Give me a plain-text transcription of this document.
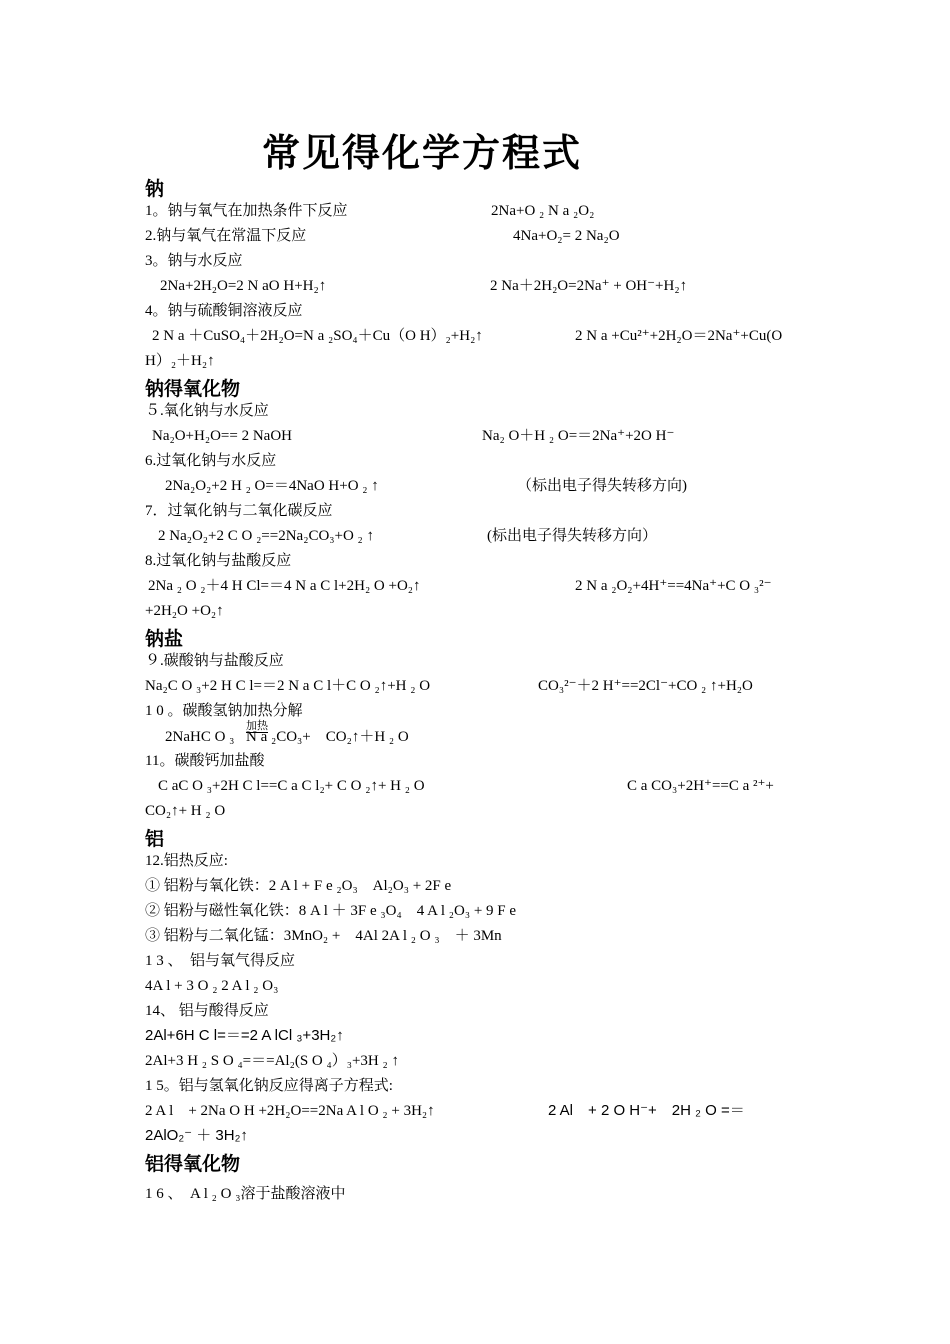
常见得化学方程式
钠
1。钠与氧气在加热条件下反应	2Na+O ₂ N a ₂O₂
2.钠与氧气在常温下反应	4Na+O₂= 2 Na₂O
3。钠与水反应
2Na+2H₂O=2 N aO H+H₂↑	2 Na＋2H₂O=2Na⁺ + OH⁻+H₂↑
4。钠与硫酸铜溶液反应
2 N a ＋CuSO₄＋2H₂O=N a ₂SO₄＋Cu（O H）₂+H₂↑	2 N a +Cu²⁺+2H₂O＝2Na⁺+Cu(O
H）₂＋H₂↑
钠得氧化物
５.氧化钠与水反应
Na₂O+H₂O== 2 NaOH	Na₂ O＋H ₂ O=＝2Na⁺+2O H⁻
6.过氧化钠与水反应
2Na₂O₂+2 H ₂ O=＝4NaO H+O ₂ ↑	（标出电子得失转移方向)
7．过氧化钠与二氧化碳反应
2 Na₂O₂+2 C O ₂==2Na₂CO₃+O ₂ ↑	(标出电子得失转移方向）
8.过氧化钠与盐酸反应
2Na ₂ O ₂＋4 H Cl=＝4 N a C l+2H₂ O +O₂↑	2 N a ₂O₂+4H⁺==4Na⁺+C O ₃²⁻
+2H₂O +O₂↑
钠盐
９.碳酸钠与盐酸反应
Na₂C O ₃+2 H C l=＝2 N a C l＋C O ₂↑+H ₂ O	CO₃²⁻＋2 H⁺==2Cl⁻+CO ₂ ↑+H₂O
1 0 。碳酸氢钠加热分解
2NaHC O ₃
加热
N a ₂CO₃+　CO₂↑＋H ₂ O
11。碳酸钙加盐酸
C aC O ₃+2H C l==C a C l₂+ C O ₂↑+ H ₂ O	C a CO₃+2H⁺==C a ²⁺+
CO₂↑+ H ₂ O
铝
12.铝热反应:
① 铝粉与氧化铁：2 A l + F e ₂O₃　Al₂O₃ + 2F e
② 铝粉与磁性氧化铁：8 A l ＋ 3F e ₃O₄　4 A l ₂O₃ + 9 F e
③ 铝粉与二氧化锰：3MnO₂ +　4Al 2A l ₂ O ₃　＋ 3Mn
1 3 、　铝与氧气得反应
4A l + 3 O ₂ 2 A l ₂ O₃
14、 铝与酸得反应
2Al+6H C l=＝=2 A lCl ₃+3H₂↑
2Al+3 H ₂ S O ₄=＝=Al₂(S O ₄）₃+3H ₂ ↑
1 5。铝与氢氧化钠反应得离子方程式:
2 A l　+ 2Na O H +2H₂O==2Na A l O ₂ + 3H₂↑	2 Al　+ 2 O H⁻+　2H ₂ O =＝
2AlO₂⁻ ＋ 3H₂↑
铝得氧化物
1 6 、　A l ₂ O ₃溶于盐酸溶液中
